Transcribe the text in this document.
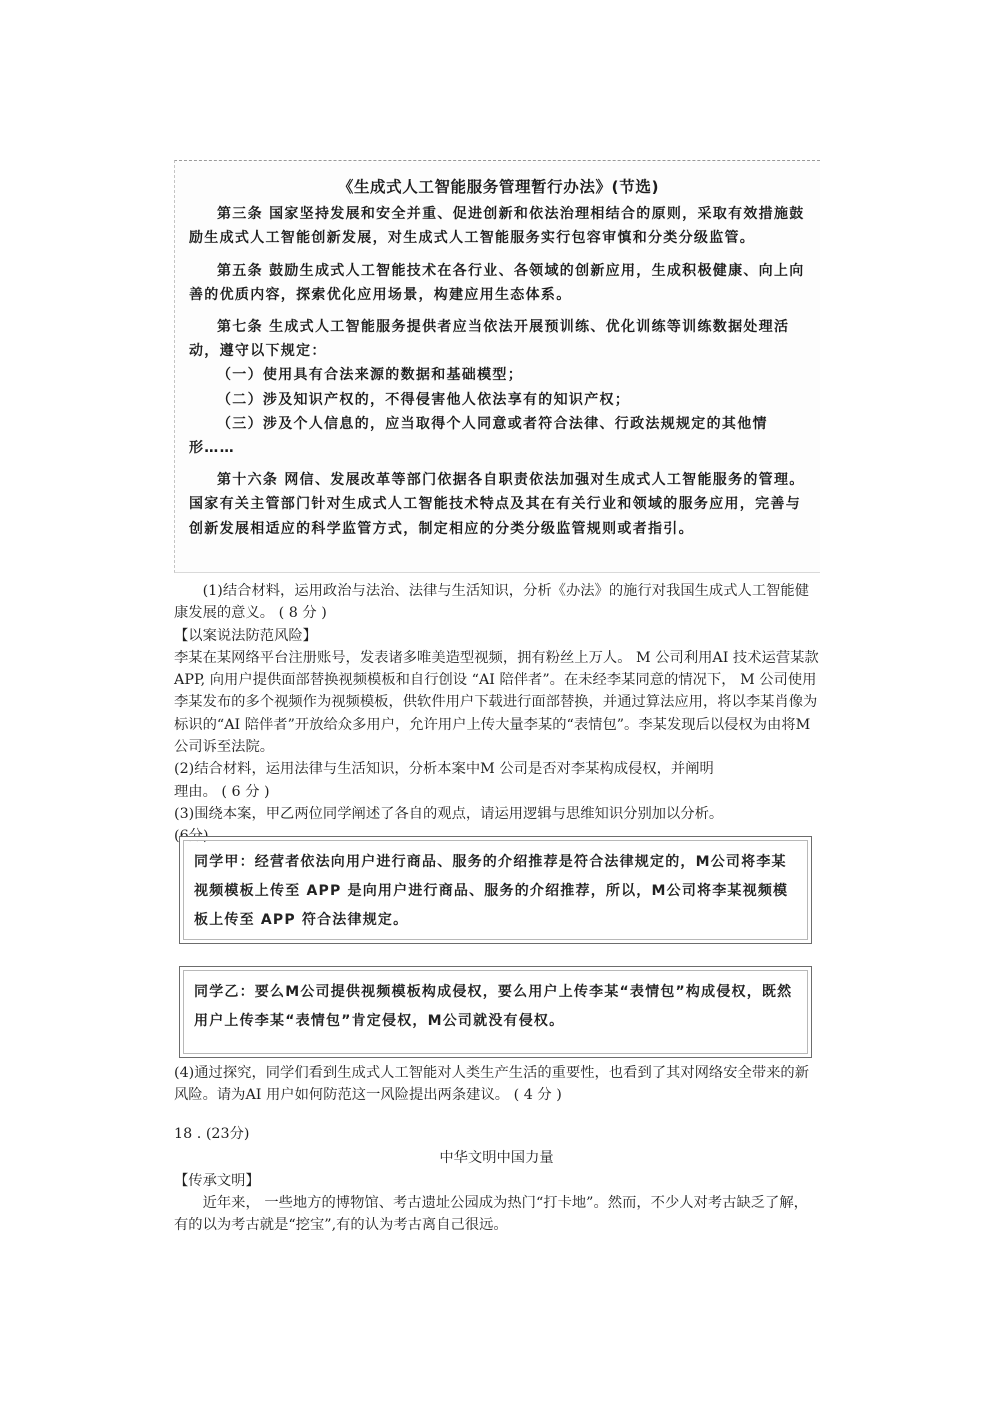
《生成式人工智能服务管理暂行办法》(节选)

第三条 国家坚持发展和安全并重、促进创新和依法治理相结合的原则，采取有效措施鼓励生成式人工智能创新发展，对生成式人工智能服务实行包容审慎和分类分级监管。

第五条 鼓励生成式人工智能技术在各行业、各领域的创新应用，生成积极健康、向上向善的优质内容，探索优化应用场景，构建应用生态体系。

第七条 生成式人工智能服务提供者应当依法开展预训练、优化训练等训练数据处理活动，遵守以下规定：

（一）使用具有合法来源的数据和基础模型；

（二）涉及知识产权的，不得侵害他人依法享有的知识产权；

（三）涉及个人信息的，应当取得个人同意或者符合法律、行政法规规定的其他情形……

第十六条 网信、发展改革等部门依据各自职责依法加强对生成式人工智能服务的管理。国家有关主管部门针对生成式人工智能技术特点及其在有关行业和领域的服务应用，完善与创新发展相适应的科学监管方式，制定相应的分类分级监管规则或者指引。

(1)结合材料，运用政治与法治、法律与生活知识，分析《办法》的施行对我国生成式人工智能健康发展的意义。 ( 8 分 )

【以案说法防范风险】

李某在某网络平台注册账号，发表诸多唯美造型视频，拥有粉丝上万人。 M 公司利用AI 技术运营某款APP, 向用户提供面部替换视频模板和自行创设 “AI 陪伴者”。在未经李某同意的情况下， M 公司使用李某发布的多个视频作为视频模板，供软件用户下载进行面部替换，并通过算法应用，将以李某肖像为标识的“AI 陪伴者”开放给众多用户，允许用户上传大量李某的“表情包”。李某发现后以侵权为由将M 公司诉至法院。

(2)结合材料，运用法律与生活知识，分析本案中M 公司是否对李某构成侵权，并阐明

理由。 ( 6 分 )

(3)围绕本案，甲乙两位同学阐述了各自的观点，请运用逻辑与思维知识分别加以分析。

(6分)

同学甲：经营者依法向用户进行商品、服务的介绍推荐是符合法律规定的，M公司将李某视频模板上传至 APP 是向用户进行商品、服务的介绍推荐，所以，M公司将李某视频模板上传至 APP 符合法律规定。
同学乙：要么M公司提供视频模板构成侵权，要么用户上传李某“表情包”构成侵权，既然用户上传李某“表情包”肯定侵权，M公司就没有侵权。

(4)通过探究，同学们看到生成式人工智能对人类生产生活的重要性，也看到了其对网络安全带来的新风险。请为AI 用户如何防范这一风险提出两条建议。 ( 4 分 )

18 . (23分)

中华文明中国力量

【传承文明】

近年来， 一些地方的博物馆、考古遗址公园成为热门“打卡地”。然而，不少人对考古缺乏了解，有的以为考古就是“挖宝”,有的认为考古离自己很远。
